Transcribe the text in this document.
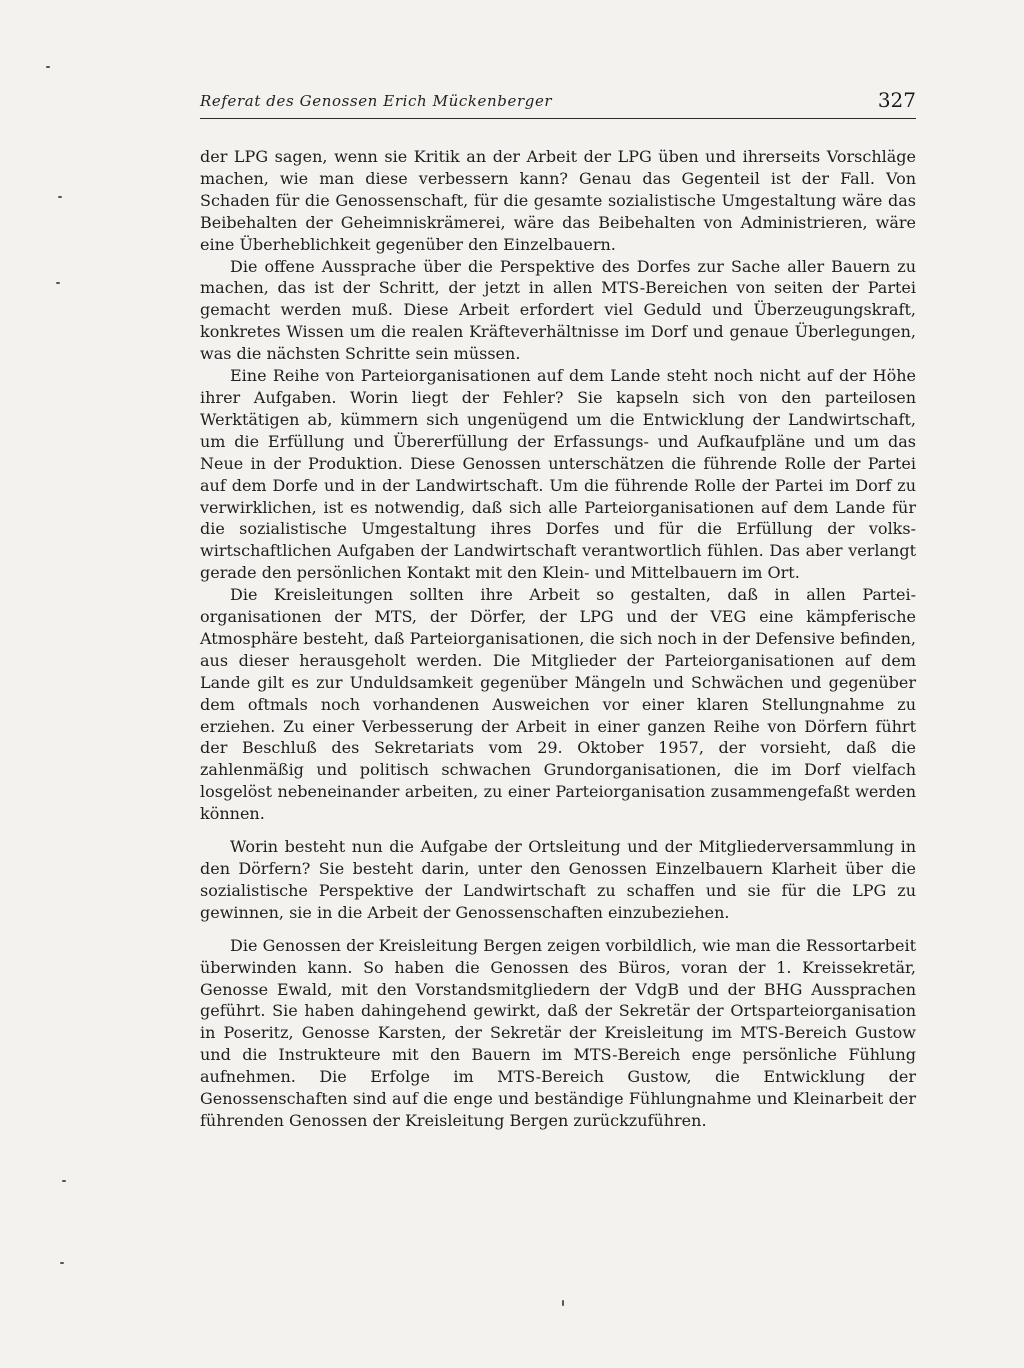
Referat des Genossen Erich Mückenberger	327

der LPG sagen, wenn sie Kritik an der Arbeit der LPG üben und ihrerseits Vorschläge machen, wie man diese verbessern kann? Genau das Gegenteil ist der Fall. Von Schaden für die Genossenschaft, für die gesamte sozialistische Umgestaltung wäre das Beibehalten der Geheimniskrämerei, wäre das Beibehalten von Administrieren, wäre eine Überheblichkeit gegenüber den Einzelbauern.

Die offene Aussprache über die Perspektive des Dorfes zur Sache aller Bauern zu machen, das ist der Schritt, der jetzt in allen MTS-Bereichen von seiten der Partei gemacht werden muß. Diese Arbeit erfordert viel Geduld und Überzeugungskraft, konkretes Wissen um die realen Kräfteverhältnisse im Dorf und genaue Überlegungen, was die nächsten Schritte sein müssen.

Eine Reihe von Parteiorganisationen auf dem Lande steht noch nicht auf der Höhe ihrer Aufgaben. Worin liegt der Fehler? Sie kapseln sich von den parteilosen Werktätigen ab, kümmern sich ungenügend um die Entwicklung der Landwirtschaft, um die Erfüllung und Übererfüllung der Erfassungs- und Aufkaufpläne und um das Neue in der Produktion. Diese Genossen unterschätzen die führende Rolle der Partei auf dem Dorfe und in der Landwirtschaft. Um die führende Rolle der Partei im Dorf zu verwirklichen, ist es notwendig, daß sich alle Parteiorganisationen auf dem Lande für die sozialistische Umgestaltung ihres Dorfes und für die Erfüllung der volkswirtschaftlichen Aufgaben der Landwirtschaft verantwortlich fühlen. Das aber verlangt gerade den persönlichen Kontakt mit den Klein- und Mittelbauern im Ort.

Die Kreisleitungen sollten ihre Arbeit so gestalten, daß in allen Parteiorganisationen der MTS, der Dörfer, der LPG und der VEG eine kämpferische Atmosphäre besteht, daß Parteiorganisationen, die sich noch in der Defensive befinden, aus dieser herausgeholt werden. Die Mitglieder der Parteiorganisationen auf dem Lande gilt es zur Unduldsamkeit gegenüber Mängeln und Schwächen und gegenüber dem oftmals noch vorhandenen Ausweichen vor einer klaren Stellungnahme zu erziehen. Zu einer Verbesserung der Arbeit in einer ganzen Reihe von Dörfern führt der Beschluß des Sekretariats vom 29. Oktober 1957, der vorsieht, daß die zahlenmäßig und politisch schwachen Grundorganisationen, die im Dorf vielfach losgelöst nebeneinander arbeiten, zu einer Parteiorganisation zusammengefaßt werden können.

Worin besteht nun die Aufgabe der Ortsleitung und der Mitgliederversammlung in den Dörfern? Sie besteht darin, unter den Genossen Einzelbauern Klarheit über die sozialistische Perspektive der Landwirtschaft zu schaffen und sie für die LPG zu gewinnen, sie in die Arbeit der Genossenschaften einzubeziehen.

Die Genossen der Kreisleitung Bergen zeigen vorbildlich, wie man die Ressortarbeit überwinden kann. So haben die Genossen des Büros, voran der 1. Kreissekretär, Genosse Ewald, mit den Vorstandsmitgliedern der VdgB und der BHG Aussprachen geführt. Sie haben dahingehend gewirkt, daß der Sekretär der Ortsparteiorganisation in Poseritz, Genosse Karsten, der Sekretär der Kreisleitung im MTS-Bereich Gustow und die Instrukteure mit den Bauern im MTS-Bereich enge persönliche Fühlung aufnehmen. Die Erfolge im MTS-Bereich Gustow, die Entwicklung der Genossenschaften sind auf die enge und beständige Fühlungnahme und Kleinarbeit der führenden Genossen der Kreisleitung Bergen zurückzuführen.
